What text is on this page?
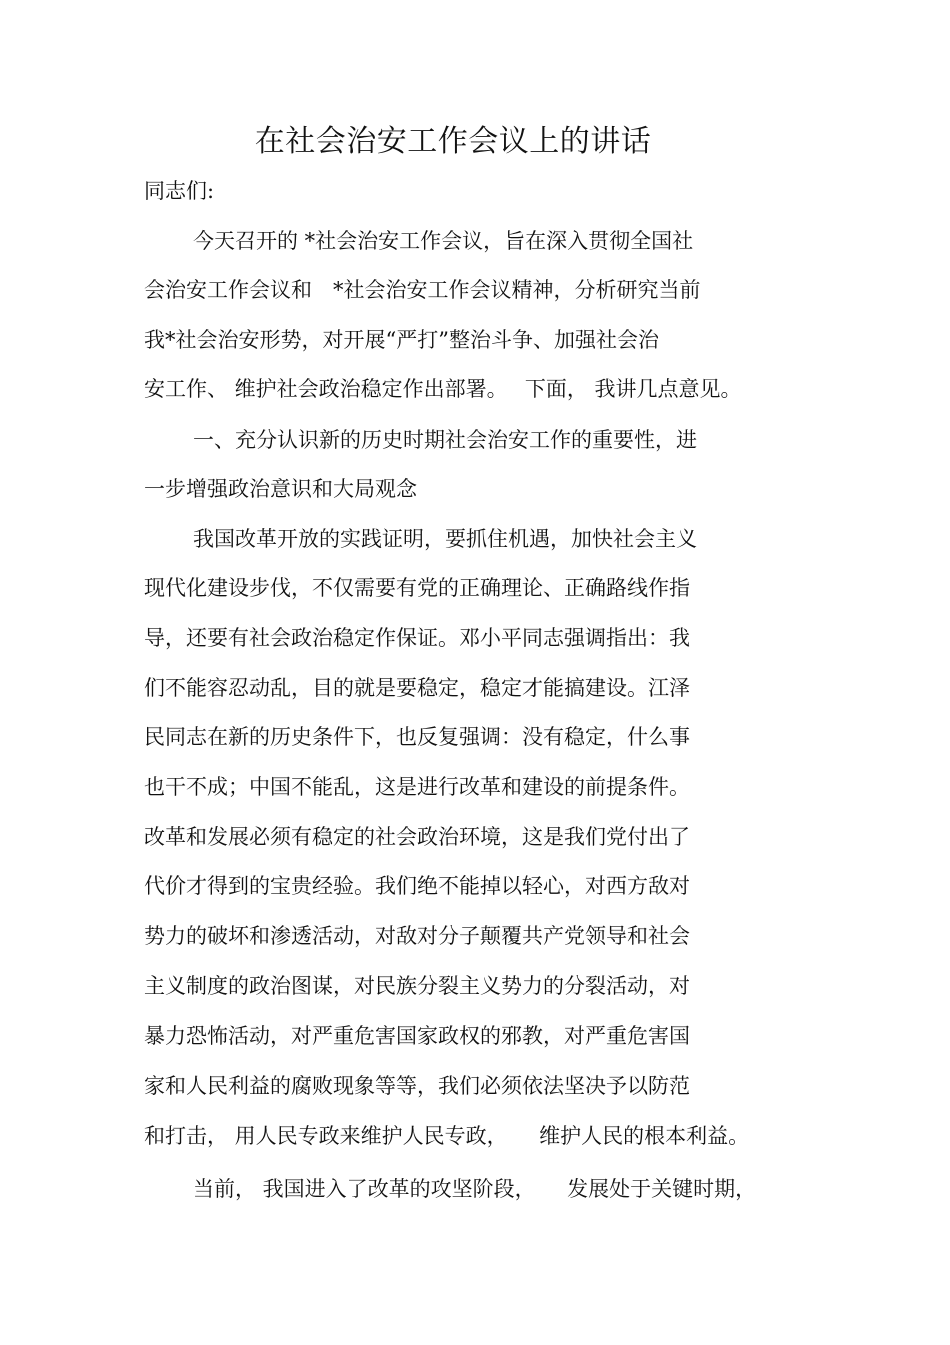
在社会治安工作会议上的讲话
同志们:
今天召开的 *社会治安工作会议，旨在深入贯彻全国社
会治安工作会议和　*社会治安工作会议精神，分析研究当前
我*社会治安形势，对开展“严打”整治斗争、加强社会治
安工作、 维护社会政治稳定作出部署。　 下面， 我讲几点意见。
一、充分认识新的历史时期社会治安工作的重要性，进
一步增强政治意识和大局观念
我国改革开放的实践证明，要抓住机遇，加快社会主义
现代化建设步伐，不仅需要有党的正确理论、正确路线作指
导，还要有社会政治稳定作保证。邓小平同志强调指出：我
们不能容忍动乱，目的就是要稳定，稳定才能搞建设。江泽
民同志在新的历史条件下，也反复强调：没有稳定，什么事
也干不成；中国不能乱，这是进行改革和建设的前提条件。
改革和发展必须有稳定的社会政治环境，这是我们党付出了
代价才得到的宝贵经验。我们绝不能掉以轻心，对西方敌对
势力的破坏和渗透活动，对敌对分子颠覆共产党领导和社会
主义制度的政治图谋，对民族分裂主义势力的分裂活动，对
暴力恐怖活动，对严重危害国家政权的邪教，对严重危害国
家和人民利益的腐败现象等等，我们必须依法坚决予以防范
和打击， 用人民专政来维护人民专政，　　维护人民的根本利益。
当前， 我国进入了改革的攻坚阶段，　　发展处于关键时期，
